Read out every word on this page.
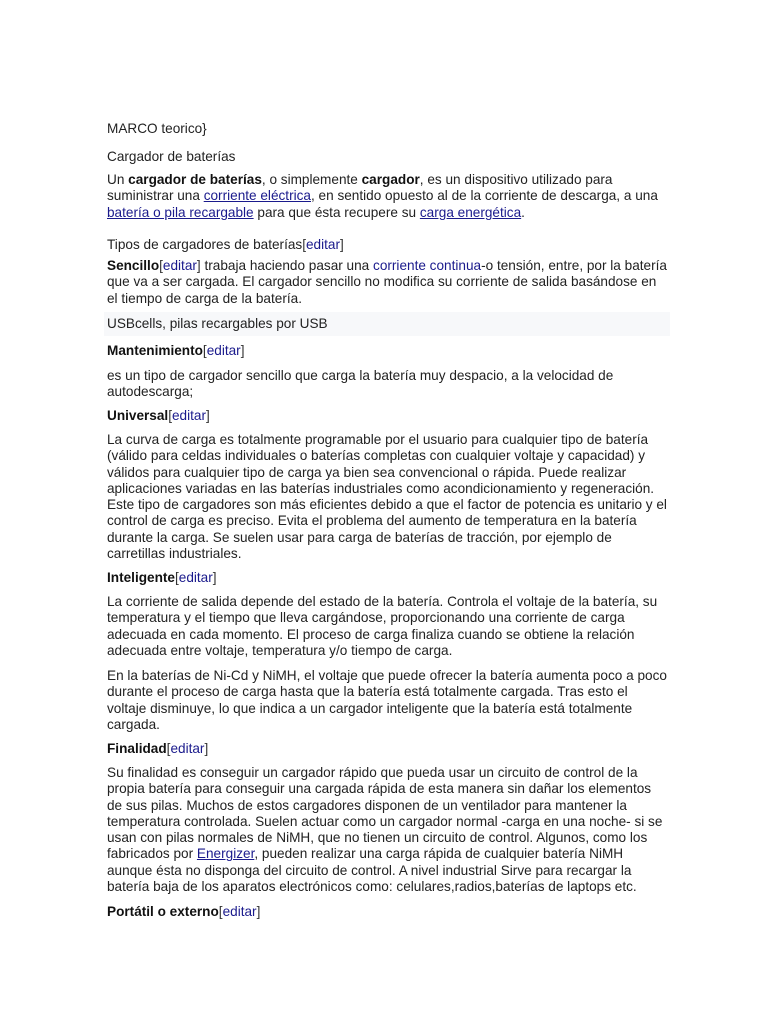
MARCO teorico}

Cargador de baterías

Un cargador de baterías, o simplemente cargador, es un dispositivo utilizado para suministrar una corriente eléctrica, en sentido opuesto al de la corriente de descarga, a una batería o pila recargable para que ésta recupere su carga energética.

Tipos de cargadores de baterías[editar]

Sencillo[editar] trabaja haciendo pasar una corriente continua-o tensión, entre, por la batería que va a ser cargada. El cargador sencillo no modifica su corriente de salida basándose en el tiempo de carga de la batería.

USBcells, pilas recargables por USB

Mantenimiento[editar]

es un tipo de cargador sencillo que carga la batería muy despacio, a la velocidad de autodescarga;

Universal[editar]

La curva de carga es totalmente programable por el usuario para cualquier tipo de batería (válido para celdas individuales o baterías completas con cualquier voltaje y capacidad) y válidos para cualquier tipo de carga ya bien sea convencional o rápida. Puede realizar aplicaciones variadas en las baterías industriales como acondicionamiento y regeneración. Este tipo de cargadores son más eficientes debido a que el factor de potencia es unitario y el control de carga es preciso. Evita el problema del aumento de temperatura en la batería durante la carga. Se suelen usar para carga de baterías de tracción, por ejemplo de carretillas industriales.

Inteligente[editar]

La corriente de salida depende del estado de la batería. Controla el voltaje de la batería, su temperatura y el tiempo que lleva cargándose, proporcionando una corriente de carga adecuada en cada momento. El proceso de carga finaliza cuando se obtiene la relación adecuada entre voltaje, temperatura y/o tiempo de carga.

En la baterías de Ni-Cd y NiMH, el voltaje que puede ofrecer la batería aumenta poco a poco durante el proceso de carga hasta que la batería está totalmente cargada. Tras esto el voltaje disminuye, lo que indica a un cargador inteligente que la batería está totalmente cargada.

Finalidad[editar]

Su finalidad es conseguir un cargador rápido que pueda usar un circuito de control de la propia batería para conseguir una cargada rápida de esta manera sin dañar los elementos de sus pilas. Muchos de estos cargadores disponen de un ventilador para mantener la temperatura controlada. Suelen actuar como un cargador normal -carga en una noche- si se usan con pilas normales de NiMH, que no tienen un circuito de control. Algunos, como los fabricados por Energizer, pueden realizar una carga rápida de cualquier batería NiMH aunque ésta no disponga del circuito de control. A nivel industrial Sirve para recargar la batería baja de los aparatos electrónicos como: celulares,radios,baterías de laptops etc.

Portátil o externo[editar]
